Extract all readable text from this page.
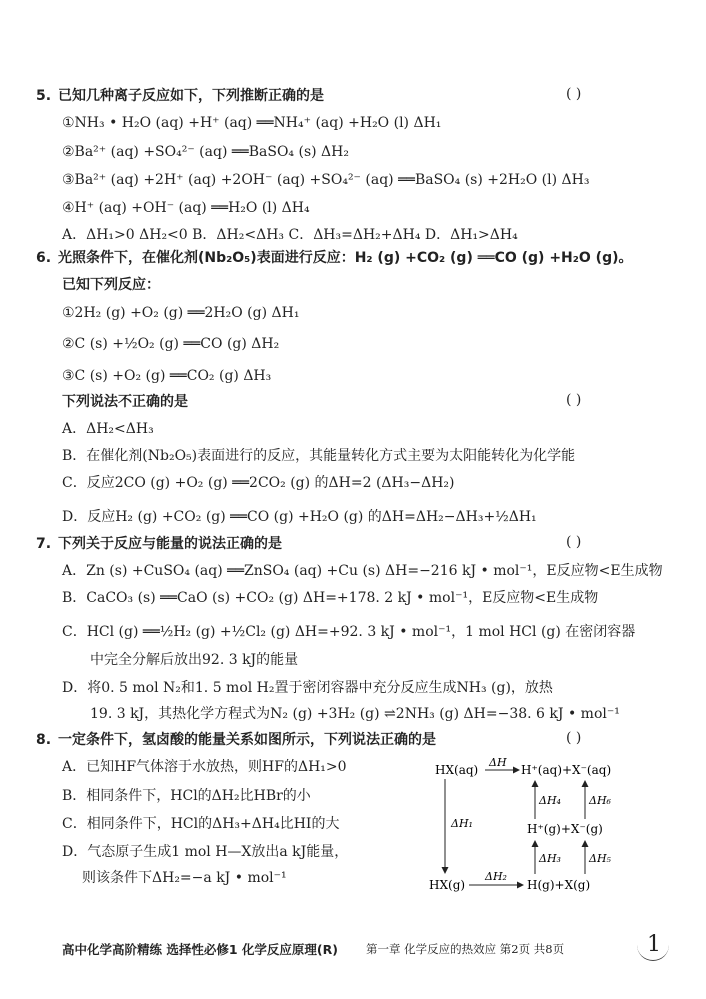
5. 已知几种离子反应如下，下列推断正确的是	( )
①NH₃ • H₂O (aq) +H⁺ (aq) ══NH₄⁺ (aq) +H₂O (l) ΔH₁
②Ba²⁺ (aq) +SO₄²⁻ (aq) ══BaSO₄ (s) ΔH₂
③Ba²⁺ (aq) +2H⁺ (aq) +2OH⁻ (aq) +SO₄²⁻ (aq) ══BaSO₄ (s) +2H₂O (l) ΔH₃
④H⁺ (aq) +OH⁻ (aq) ══H₂O (l) ΔH₄
A．ΔH₁>0 ΔH₂<0 B．ΔH₂<ΔH₃ C．ΔH₃=ΔH₂+ΔH₄ D．ΔH₁>ΔH₄
6. 光照条件下，在催化剂(Nb₂O₅)表面进行反应：H₂ (g) +CO₂ (g) ══CO (g) +H₂O (g)。
已知下列反应：
①2H₂ (g) +O₂ (g) ══2H₂O (g) ΔH₁
②C (s) +½O₂ (g) ══CO (g) ΔH₂
③C (s) +O₂ (g) ══CO₂ (g) ΔH₃
下列说法不正确的是	( )
A．ΔH₂<ΔH₃
B．在催化剂(Nb₂O₅)表面进行的反应，其能量转化方式主要为太阳能转化为化学能
C．反应2CO (g) +O₂ (g) ══2CO₂ (g) 的ΔH=2 (ΔH₃−ΔH₂)
D．反应H₂ (g) +CO₂ (g) ══CO (g) +H₂O (g) 的ΔH=ΔH₂−ΔH₃+½ΔH₁
7. 下列关于反应与能量的说法正确的是	( )
A．Zn (s) +CuSO₄ (aq) ══ZnSO₄ (aq) +Cu (s) ΔH=−216 kJ • mol⁻¹，E反应物<E生成物
B．CaCO₃ (s) ══CaO (s) +CO₂ (g) ΔH=+178. 2 kJ • mol⁻¹，E反应物<E生成物
C．HCl (g) ══½H₂ (g) +½Cl₂ (g) ΔH=+92. 3 kJ • mol⁻¹，1 mol HCl (g) 在密闭容器
中完全分解后放出92. 3 kJ的能量
D．将0. 5 mol N₂和1. 5 mol H₂置于密闭容器中充分反应生成NH₃ (g)，放热
19. 3 kJ，其热化学方程式为N₂ (g) +3H₂ (g) ⇌2NH₃ (g) ΔH=−38. 6 kJ • mol⁻¹
8. 一定条件下，氢卤酸的能量关系如图所示，下列说法正确的是	( )
A．已知HF气体溶于水放热，则HF的ΔH₁>0
B．相同条件下，HCl的ΔH₂比HBr的小
C．相同条件下，HCl的ΔH₃+ΔH₄比HI的大
D．气态原子生成1 mol H—X放出a kJ能量，
则该条件下ΔH₂=−a kJ • mol⁻¹
HX(aq)	H⁺(aq)+X⁻(aq)
H⁺(g)+X⁻(g)
HX(g)	H(g)+X(g)
ΔH
ΔH₁
ΔH₂
ΔH₃	ΔH₅
ΔH₄	ΔH₆
高中化学高阶精练 选择性必修1 化学反应原理(R) 第一章 化学反应的热效应 第2页 共8页	1
